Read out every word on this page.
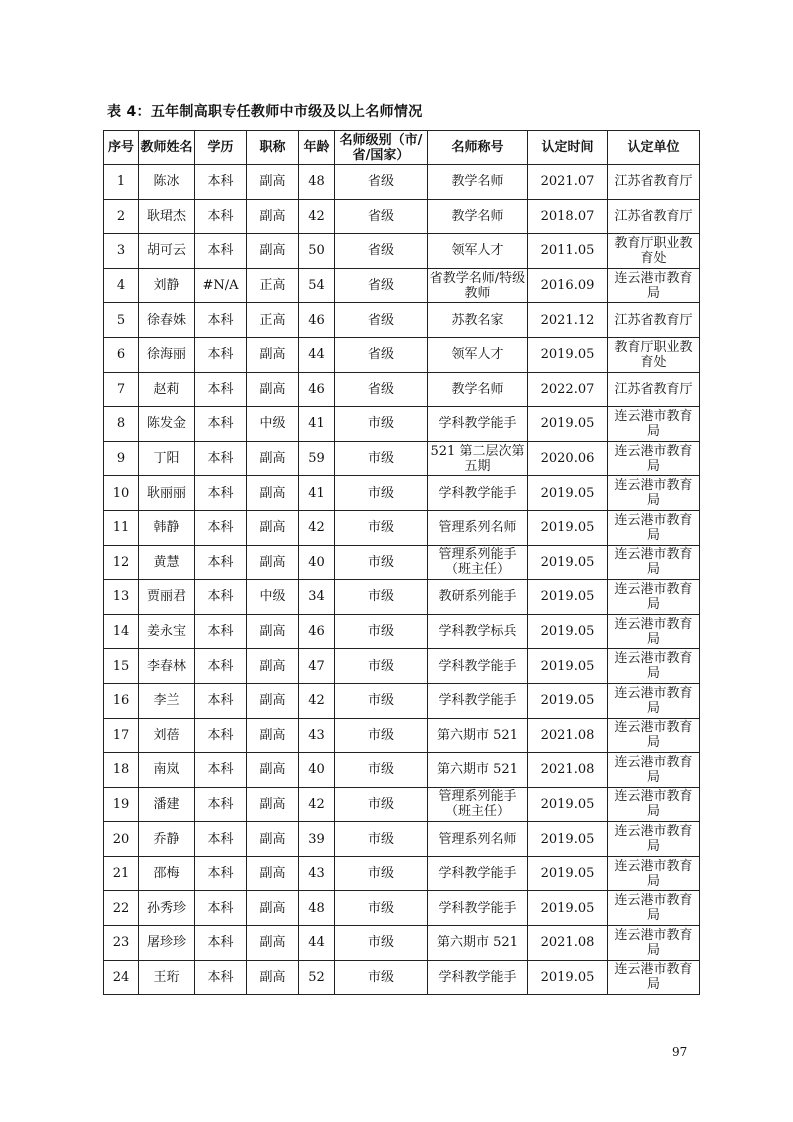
表 4：五年制高职专任教师中市级及以上名师情况
序号	教师姓名	学历	职称	年龄	名师级别（市/省/国家）	名师称号	认定时间	认定单位

1	陈冰	本科	副高	48	省级	教学名师	2021.07	江苏省教育厅

2	耿珺杰	本科	副高	42	省级	教学名师	2018.07	江苏省教育厅

3	胡可云	本科	副高	50	省级	领军人才	2011.05	教育厅职业教育处

4	刘静	#N/A	正高	54	省级	省教学名师/特级教师	2016.09	连云港市教育局

5	徐春姝	本科	正高	46	省级	苏教名家	2021.12	江苏省教育厅

6	徐海丽	本科	副高	44	省级	领军人才	2019.05	教育厅职业教育处

7	赵莉	本科	副高	46	省级	教学名师	2022.07	江苏省教育厅

8	陈发金	本科	中级	41	市级	学科教学能手	2019.05	连云港市教育局

9	丁阳	本科	副高	59	市级	521 第二层次第五期	2020.06	连云港市教育局

10	耿丽丽	本科	副高	41	市级	学科教学能手	2019.05	连云港市教育局

11	韩静	本科	副高	42	市级	管理系列名师	2019.05	连云港市教育局

12	黄慧	本科	副高	40	市级	管理系列能手（班主任）	2019.05	连云港市教育局

13	贾丽君	本科	中级	34	市级	教研系列能手	2019.05	连云港市教育局

14	姜永宝	本科	副高	46	市级	学科教学标兵	2019.05	连云港市教育局

15	李春林	本科	副高	47	市级	学科教学能手	2019.05	连云港市教育局

16	李兰	本科	副高	42	市级	学科教学能手	2019.05	连云港市教育局

17	刘蓓	本科	副高	43	市级	第六期市 521	2021.08	连云港市教育局

18	南岚	本科	副高	40	市级	第六期市 521	2021.08	连云港市教育局

19	潘建	本科	副高	42	市级	管理系列能手（班主任）	2019.05	连云港市教育局

20	乔静	本科	副高	39	市级	管理系列名师	2019.05	连云港市教育局

21	邵梅	本科	副高	43	市级	学科教学能手	2019.05	连云港市教育局

22	孙秀珍	本科	副高	48	市级	学科教学能手	2019.05	连云港市教育局

23	屠珍珍	本科	副高	44	市级	第六期市 521	2021.08	连云港市教育局

24	王珩	本科	副高	52	市级	学科教学能手	2019.05	连云港市教育局
97
